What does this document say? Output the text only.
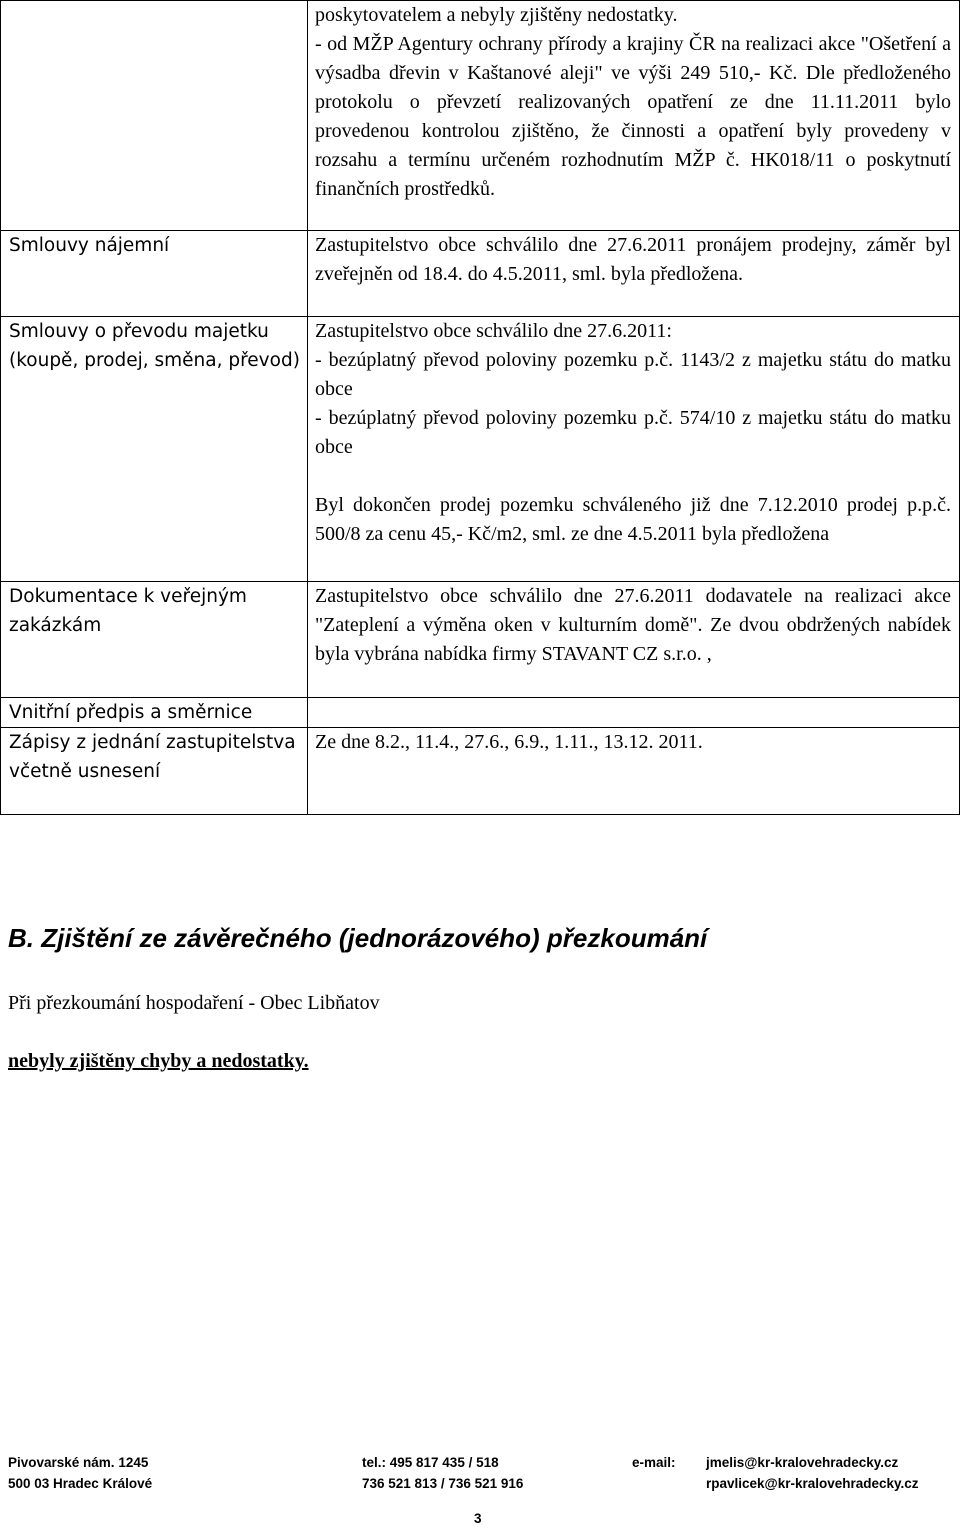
	poskytovatelem a nebyly zjištěny nedostatky.
- od MŽP Agentury ochrany přírody a krajiny ČR na realizaci akce "Ošetření a výsadba dřevin v Kaštanové aleji" ve výši 249 510,- Kč. Dle předloženého protokolu o převzetí realizovaných opatření ze dne 11.11.2011 bylo provedenou kontrolou zjištěno, že činnosti a opatření byly provedeny v rozsahu a termínu určeném rozhodnutím MŽP č. HK018/11 o poskytnutí finančních prostředků.

Smlouvy nájemní	Zastupitelstvo obce schválilo dne 27.6.2011 pronájem prodejny, záměr byl zveřejněn od 18.4. do 4.5.2011, sml. byla předložena.

Smlouvy o převodu majetku (koupě, prodej, směna, převod)	Zastupitelstvo obce schválilo dne 27.6.2011:
- bezúplatný převod poloviny pozemku p.č. 1143/2 z majetku státu do matku obce
- bezúplatný převod poloviny pozemku p.č. 574/10 z majetku státu do matku obce
Byl dokončen prodej pozemku schváleného již dne 7.12.2010 prodej p.p.č. 500/8 za cenu 45,- Kč/m2, sml. ze dne 4.5.2011 byla předložena

Dokumentace k veřejným zakázkám	Zastupitelstvo obce schválilo dne 27.6.2011 dodavatele na realizaci akce "Zateplení a výměna oken v kulturním domě". Ze dvou obdržených nabídek byla vybrána nabídka firmy STAVANT CZ s.r.o. ,

Vnitřní předpis a směrnice	

Zápisy z jednání zastupitelstva včetně usnesení	Ze dne 8.2., 11.4., 27.6., 6.9., 1.11., 13.12. 2011.
B. Zjištění ze závěrečného (jednorázového) přezkoumání

Při přezkoumání hospodaření - Obec Libňatov

nebyly zjištěny chyby a nedostatky.

Pivovarské nám. 1245
500 03 Hradec Králové
tel.: 495 817 435 / 518
736 521 813 / 736 521 916
e-mail: jmelis@kr-kralovehradecky.cz
rpavlicek@kr-kralovehradecky.cz
3
